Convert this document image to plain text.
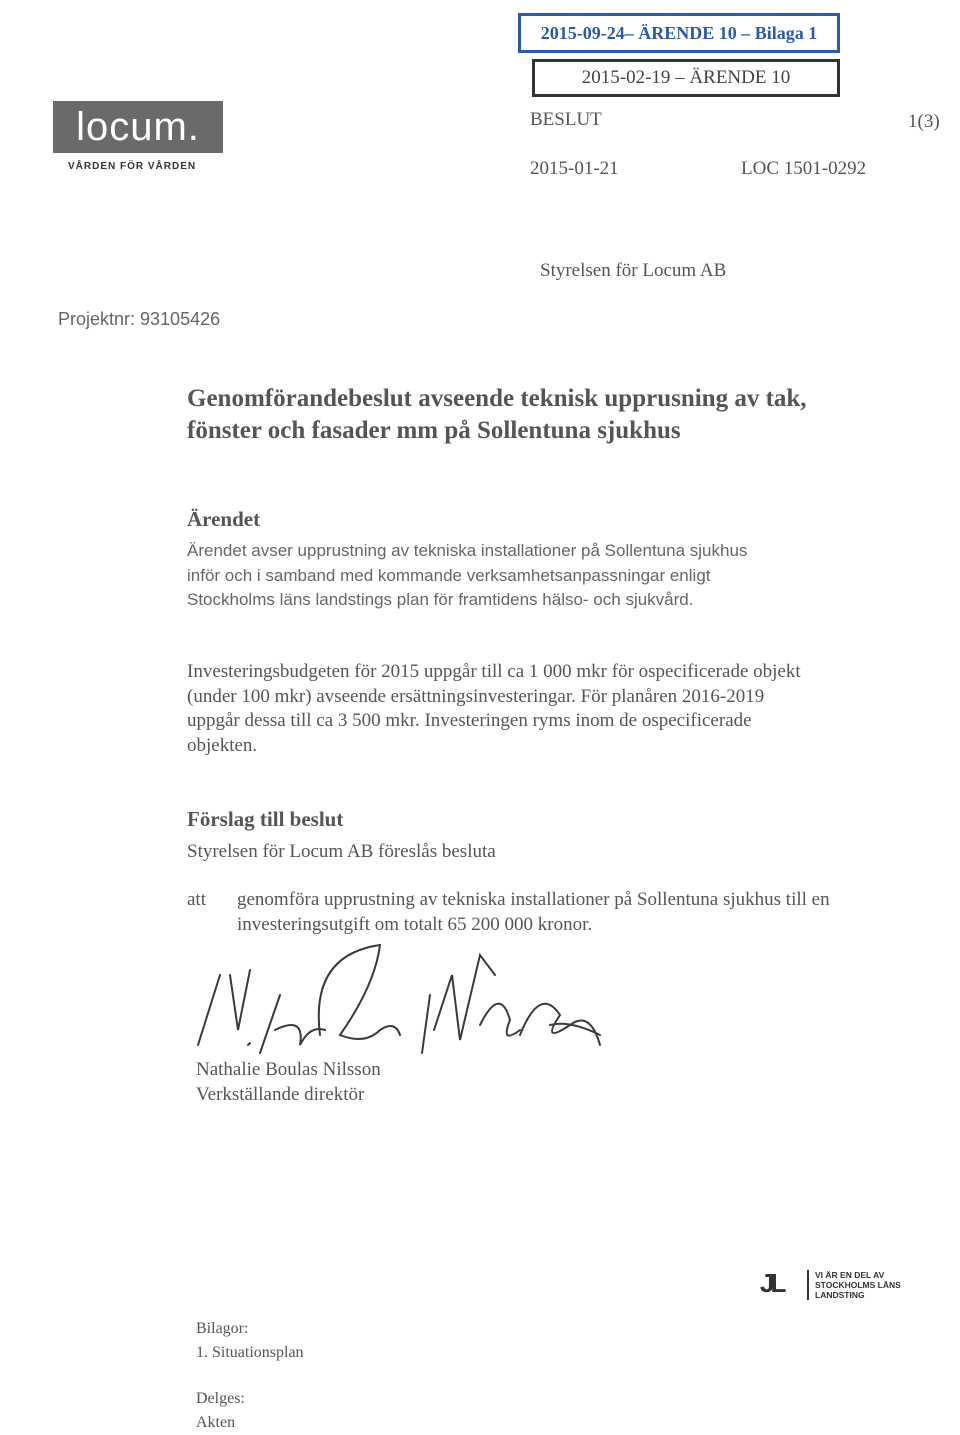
2015-09-24– ÄRENDE 10 – Bilaga 1
2015-02-19 – ÄRENDE 10
locum.
VÅRDEN FÖR VÅRDEN
BESLUT	1(3)
2015-01-21	LOC 1501-0292
Styrelsen för Locum AB
Projektnr: 93105426
Genomförandebeslut avseende teknisk upprusning av tak, fönster och fasader mm på Sollentuna sjukhus
Ärendet
Ärendet avser upprustning av tekniska installationer på Sollentuna sjukhus inför och i samband med kommande verksamhetsanpassningar enligt Stockholms läns landstings plan för framtidens hälso- och sjukvård.
Investeringsbudgeten för 2015 uppgår till ca 1 000 mkr för ospecificerade objekt (under 100 mkr) avseende ersättningsinvesteringar. För planåren 2016-2019 uppgår dessa till ca 3 500 mkr. Investeringen ryms inom de ospecificerade objekten.
Förslag till beslut
Styrelsen för Locum AB föreslås besluta
att genomföra upprustning av tekniska installationer på Sollentuna sjukhus till en investeringsutgift om totalt 65 200 000 kronor.
Nathalie Boulas Nilsson
Verkställande direktör
JL	VI ÄR EN DEL AV STOCKHOLMS LÄNS LANDSTING
Bilagor:
1. Situationsplan
Delges:
Akten
